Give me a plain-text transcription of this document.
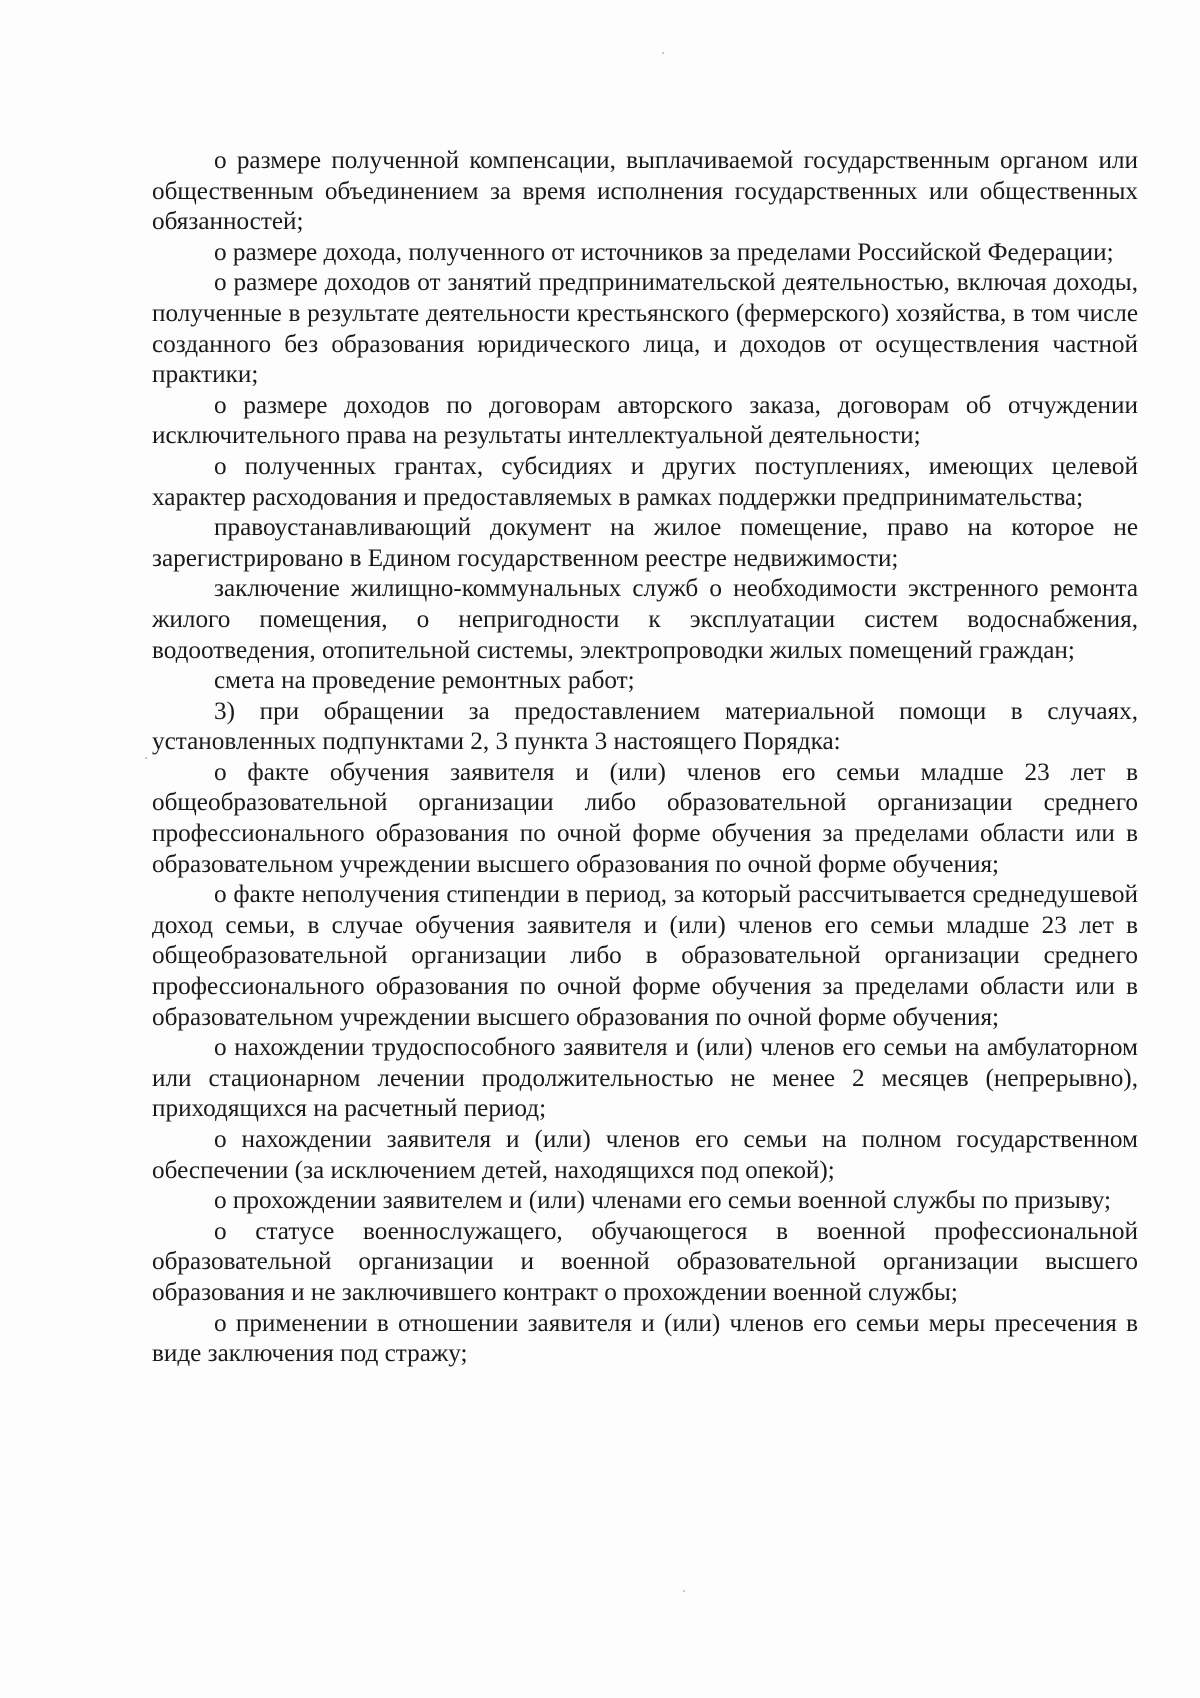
о размере полученной компенсации, выплачиваемой государственным органом или общественным объединением за время исполнения государственных или общественных обязанностей;

о размере дохода, полученного от источников за пределами Российской Федерации;

о размере доходов от занятий предпринимательской деятельностью, включая доходы, полученные в результате деятельности крестьянского (фермерского) хозяйства, в том числе созданного без образования юридического лица, и доходов от осуществления частной практики;

о размере доходов по договорам авторского заказа, договорам об отчуждении исключительного права на результаты интеллектуальной деятельности;

о полученных грантах, субсидиях и других поступлениях, имеющих целевой характер расходования и предоставляемых в рамках поддержки предпринимательства;

правоустанавливающий документ на жилое помещение, право на которое не зарегистрировано в Едином государственном реестре недвижимости;

заключение жилищно-коммунальных служб о необходимости экстренного ремонта жилого помещения, о непригодности к эксплуатации систем водоснабжения, водоотведения, отопительной системы, электропроводки жилых помещений граждан;

смета на проведение ремонтных работ;

3) при обращении за предоставлением материальной помощи в случаях, установленных подпунктами 2, 3 пункта 3 настоящего Порядка:

о факте обучения заявителя и (или) членов его семьи младше 23 лет в общеобразовательной организации либо образовательной организации среднего профессионального образования по очной форме обучения за пределами области или в образовательном учреждении высшего образования по очной форме обучения;

о факте неполучения стипендии в период, за который рассчитывается среднедушевой доход семьи, в случае обучения заявителя и (или) членов его семьи младше 23 лет в общеобразовательной организации либо в образовательной организации среднего профессионального образования по очной форме обучения за пределами области или в образовательном учреждении высшего образования по очной форме обучения;

о нахождении трудоспособного заявителя и (или) членов его семьи на амбулаторном или стационарном лечении продолжительностью не менее 2 месяцев (непрерывно), приходящихся на расчетный период;

о нахождении заявителя и (или) членов его семьи на полном государственном обеспечении (за исключением детей, находящихся под опекой);

о прохождении заявителем и (или) членами его семьи военной службы по призыву;

о статусе военнослужащего, обучающегося в военной профессиональной образовательной организации и военной образовательной организации высшего образования и не заключившего контракт о прохождении военной службы;

о применении в отношении заявителя и (или) членов его семьи меры пресечения в виде заключения под стражу;
